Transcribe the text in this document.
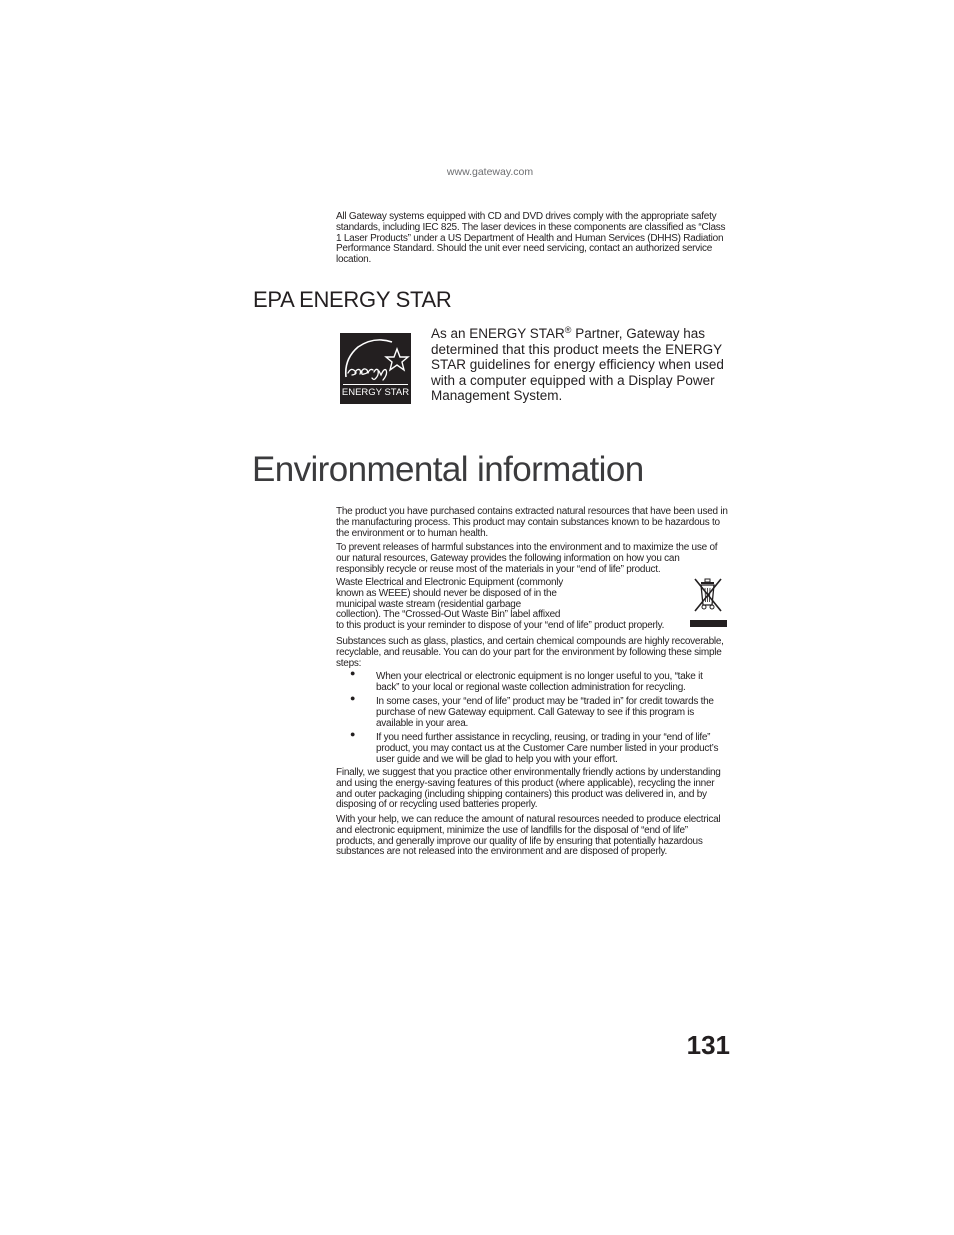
www.gateway.com

All Gateway systems equipped with CD and DVD drives comply with the appropriate safety standards, including IEC 825. The laser devices in these components are classified as “Class 1 Laser Products” under a US Department of Health and Human Services (DHHS) Radiation Performance Standard. Should the unit ever need servicing, contact an authorized service location.

EPA ENERGY STAR
ENERGY STAR

As an ENERGY STAR® Partner, Gateway has determined that this product meets the ENERGY STAR guidelines for energy efficiency when used with a computer equipped with a Display Power Management System.

Environmental information

The product you have purchased contains extracted natural resources that have been used in the manufacturing process. This product may contain substances known to be hazardous to the environment or to human health.

To prevent releases of harmful substances into the environment and to maximize the use of our natural resources, Gateway provides the following information on how you can responsibly recycle or reuse most of the materials in your “end of life” product.

Waste Electrical and Electronic Equipment (commonly
known as WEEE) should never be disposed of in the
municipal waste stream (residential garbage
collection). The “Crossed-Out Waste Bin” label affixed
to this product is your reminder to dispose of your “end of life” product properly.

Substances such as glass, plastics, and certain chemical compounds are highly recoverable, recyclable, and reusable. You can do your part for the environment by following these simple steps:

● When your electrical or electronic equipment is no longer useful to you, “take it back” to your local or regional waste collection administration for recycling.

● In some cases, your “end of life” product may be “traded in” for credit towards the purchase of new Gateway equipment. Call Gateway to see if this program is available in your area.

● If you need further assistance in recycling, reusing, or trading in your “end of life” product, you may contact us at the Customer Care number listed in your product’s user guide and we will be glad to help you with your effort.

Finally, we suggest that you practice other environmentally friendly actions by understanding and using the energy-saving features of this product (where applicable), recycling the inner and outer packaging (including shipping containers) this product was delivered in, and by disposing of or recycling used batteries properly.

With your help, we can reduce the amount of natural resources needed to produce electrical and electronic equipment, minimize the use of landfills for the disposal of “end of life” products, and generally improve our quality of life by ensuring that potentially hazardous substances are not released into the environment and are disposed of properly.

131
